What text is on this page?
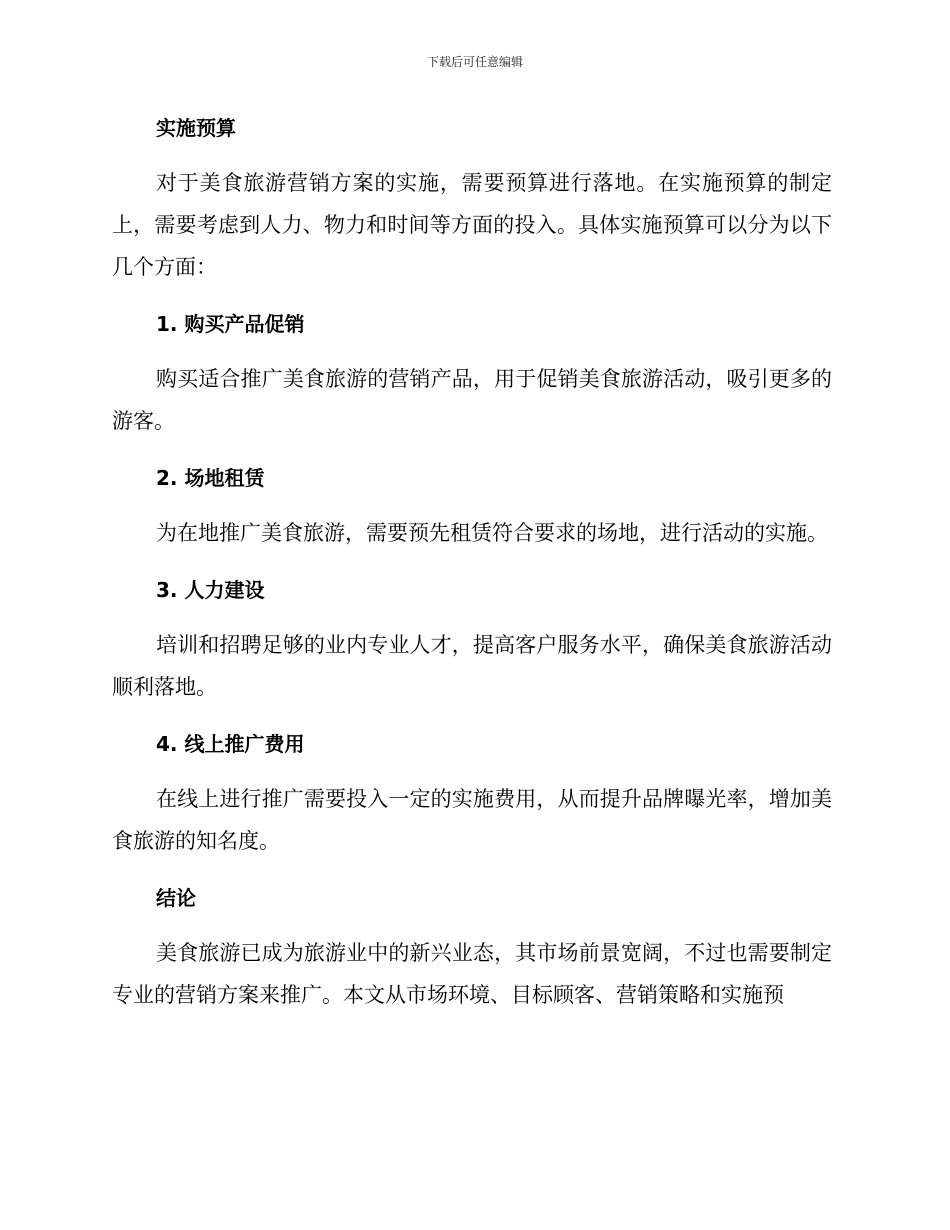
下载后可任意编辑
实施预算

对于美食旅游营销方案的实施，需要预算进行落地。在实施预算的制定上，需要考虑到人力、物力和时间等方面的投入。具体实施预算可以分为以下几个方面：

1. 购买产品促销

购买适合推广美食旅游的营销产品，用于促销美食旅游活动，吸引更多的游客。

2. 场地租赁

为在地推广美食旅游，需要预先租赁符合要求的场地，进行活动的实施。

3. 人力建设

培训和招聘足够的业内专业人才，提高客户服务水平，确保美食旅游活动顺利落地。

4. 线上推广费用

在线上进行推广需要投入一定的实施费用，从而提升品牌曝光率，增加美食旅游的知名度。

结论

美食旅游已成为旅游业中的新兴业态，其市场前景宽阔，不过也需要制定专业的营销方案来推广。本文从市场环境、目标顾客、营销策略和实施预
